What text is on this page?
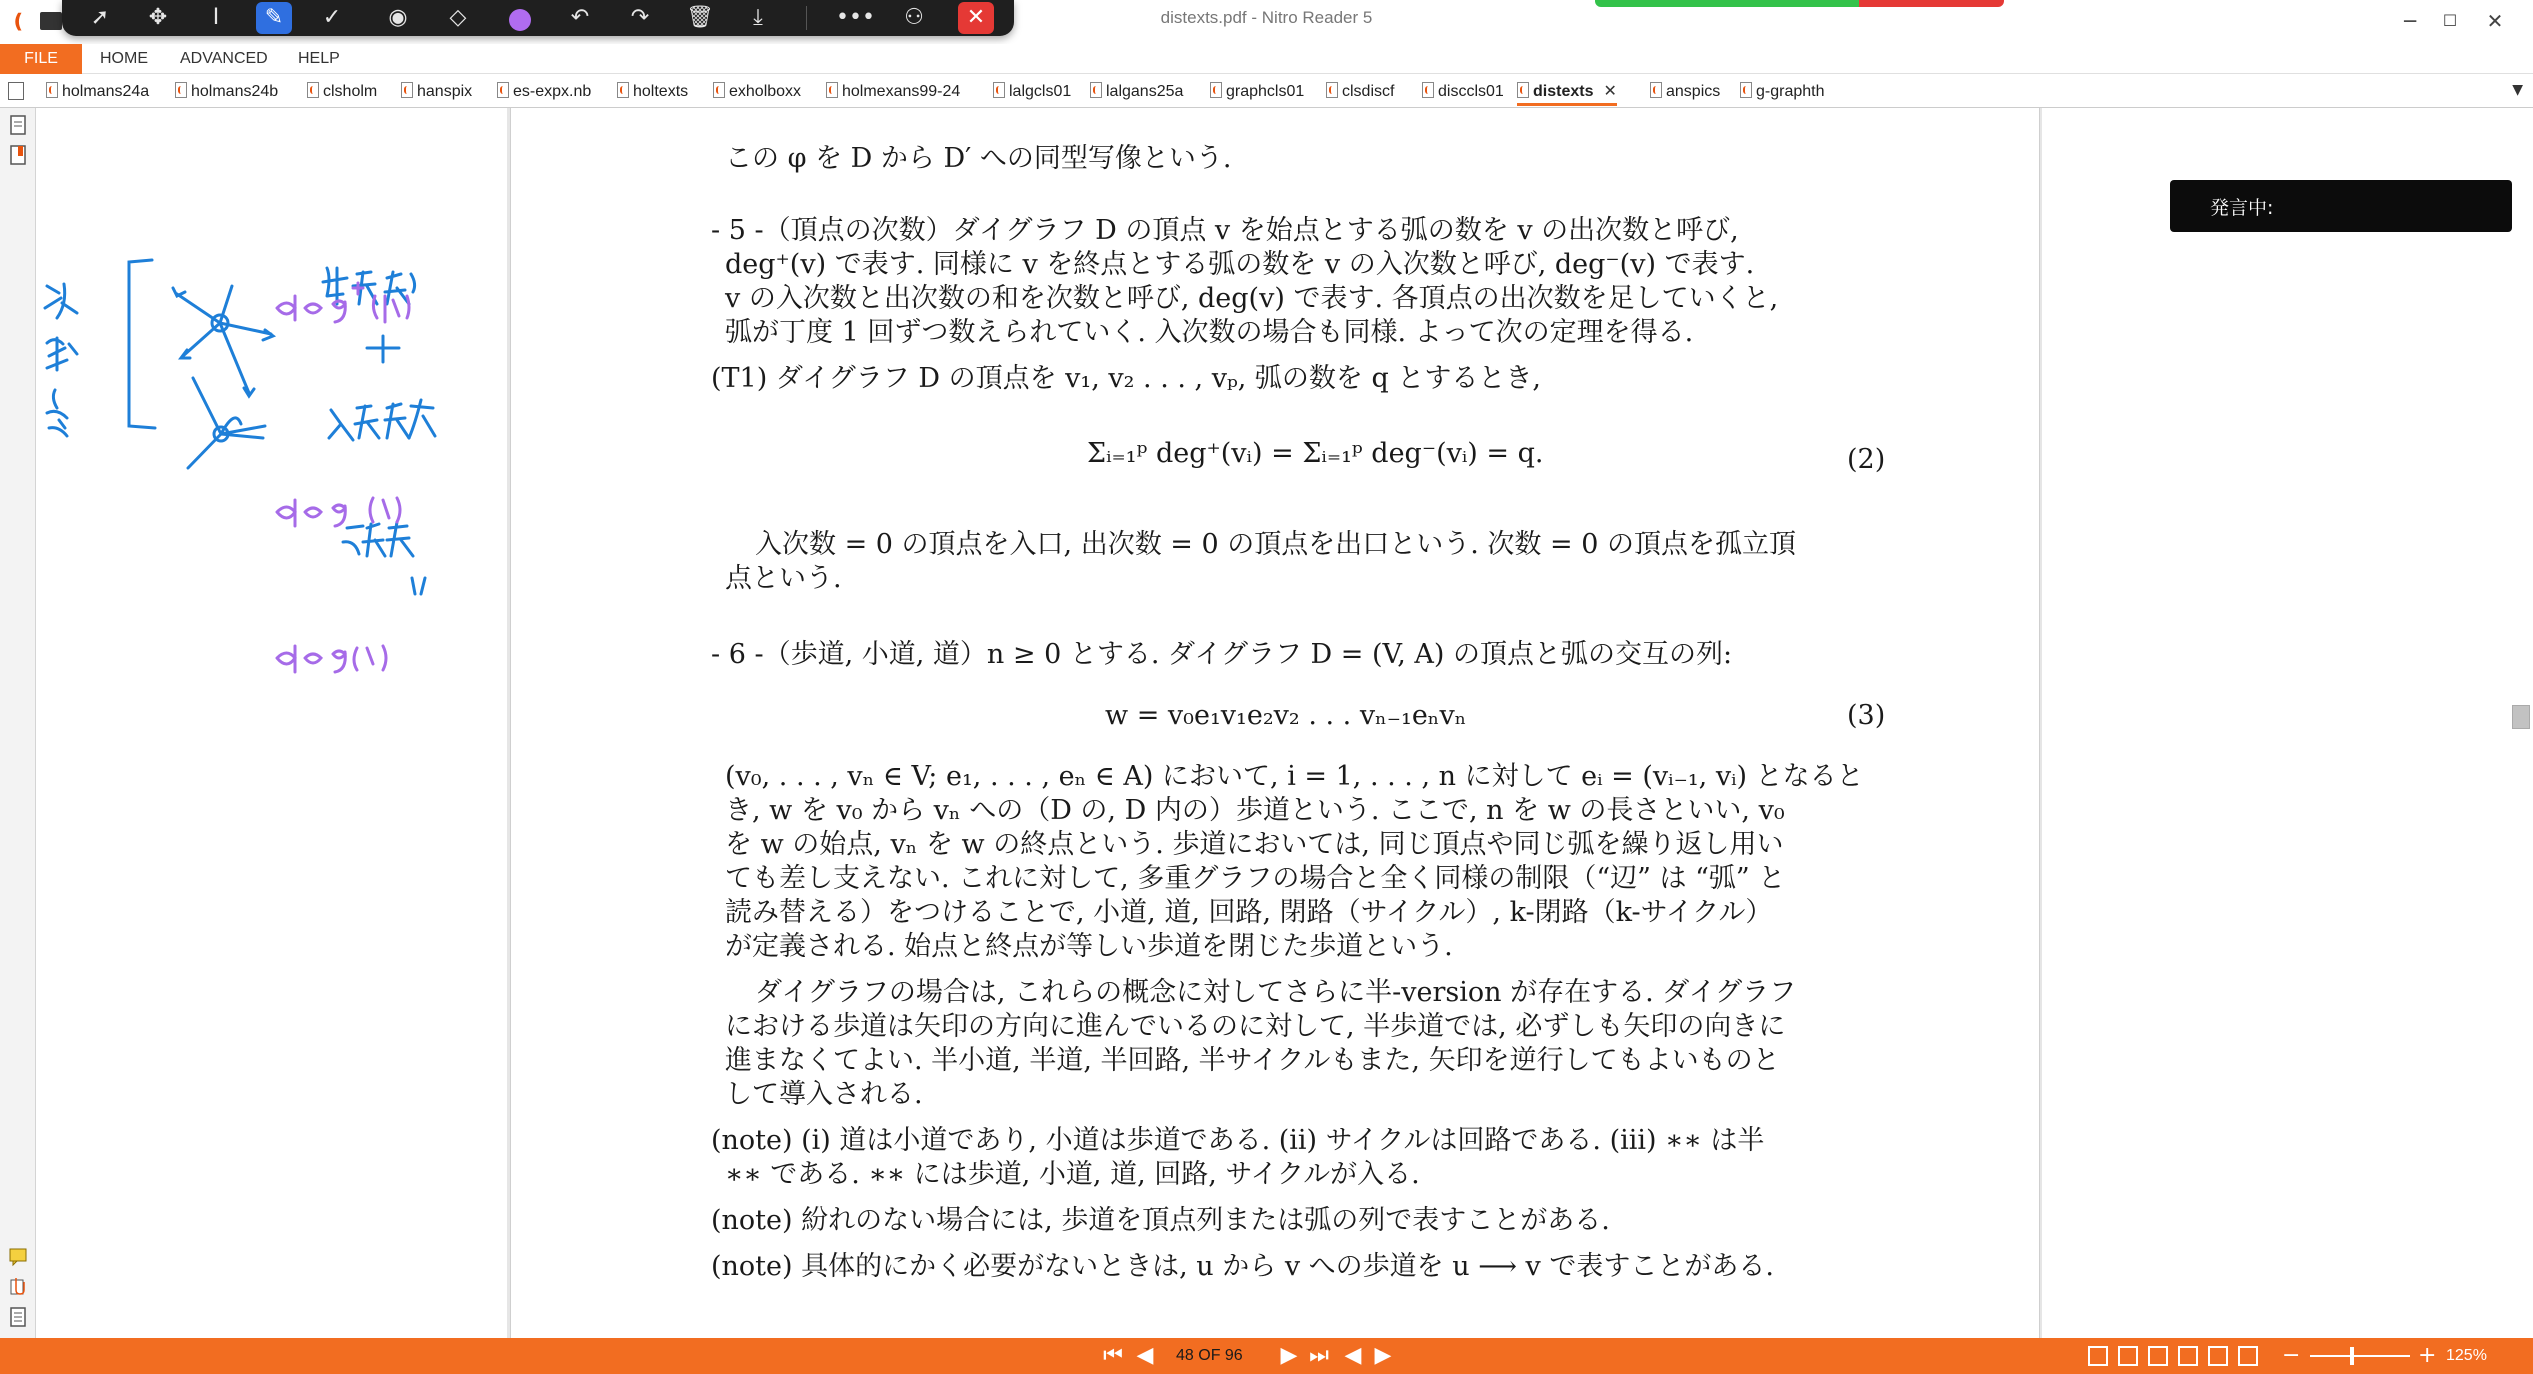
❪	distexts.pdf - Nitro Reader 5	─	☐	✕
➚	✥	I	✎	✓	◉	◇	↶	↷	🗑	⤓	•••	⚇	✕
FILE	HOME ADVANCED HELP
holmans24a	holmans24b	clsholm	hanspix	es-expx.nb	holtexts	exholboxx	holmexans99-24	lalgcls01	lalgans25a	graphcls01	clsdiscf	disccls01	distexts ✕	anspics	g-graphth	▼
この φ を D から D′ への同型写像という.
- 5 -（頂点の次数）ダイグラフ D の頂点 v を始点とする弧の数を v の出次数と呼び,
deg⁺(v) で表す. 同様に v を終点とする弧の数を v の入次数と呼び, deg⁻(v) で表す.
v の入次数と出次数の和を次数と呼び, deg(v) で表す. 各頂点の出次数を足していくと,
弧が丁度 1 回ずつ数えられていく. 入次数の場合も同様. よって次の定理を得る.
(T1) ダイグラフ D の頂点を v₁, v₂ . . . , vₚ, 弧の数を q とするとき,
Σᵢ₌₁ᵖ deg⁺(vᵢ) = Σᵢ₌₁ᵖ deg⁻(vᵢ) = q.	(2)
入次数 = 0 の頂点を入口, 出次数 = 0 の頂点を出口という. 次数 = 0 の頂点を孤立頂
点という.
- 6 -（歩道, 小道, 道）n ≥ 0 とする. ダイグラフ D = (V, A) の頂点と弧の交互の列:
w = v₀e₁v₁e₂v₂ . . . vₙ₋₁eₙvₙ	(3)
(v₀, . . . , vₙ ∈ V; e₁, . . . , eₙ ∈ A) において, i = 1, . . . , n に対して eᵢ = (vᵢ₋₁, vᵢ) となると
き, w を v₀ から vₙ への（D の, D 内の）歩道という. ここで, n を w の長さといい, v₀
を w の始点, vₙ を w の終点という. 歩道においては, 同じ頂点や同じ弧を繰り返し用い
ても差し支えない. これに対して, 多重グラフの場合と全く同様の制限（“辺” は “弧” と
読み替える）をつけることで, 小道, 道, 回路, 閉路（サイクル）, k-閉路（k-サイクル）
が定義される. 始点と終点が等しい歩道を閉じた歩道という.
ダイグラフの場合は, これらの概念に対してさらに半-version が存在する. ダイグラフ
における歩道は矢印の方向に進んでいるのに対して, 半歩道では, 必ずしも矢印の向きに
進まなくてよい. 半小道, 半道, 半回路, 半サイクルもまた, 矢印を逆行してもよいものと
して導入される.
(note) (i) 道は小道であり, 小道は歩道である. (ii) サイクルは回路である. (iii) ∗∗ は半
∗∗ である. ∗∗ には歩道, 小道, 道, 回路, サイクルが入る.
(note) 紛れのない場合には, 歩道を頂点列または弧の列で表すことがある.
(note) 具体的にかく必要がないときは, u から v への歩道を u ⟶ v で表すことがある.
発言中:
⏮ ◀ 48 OF 96 ▶ ⏭ ◀ ▶	−	+ 125%
